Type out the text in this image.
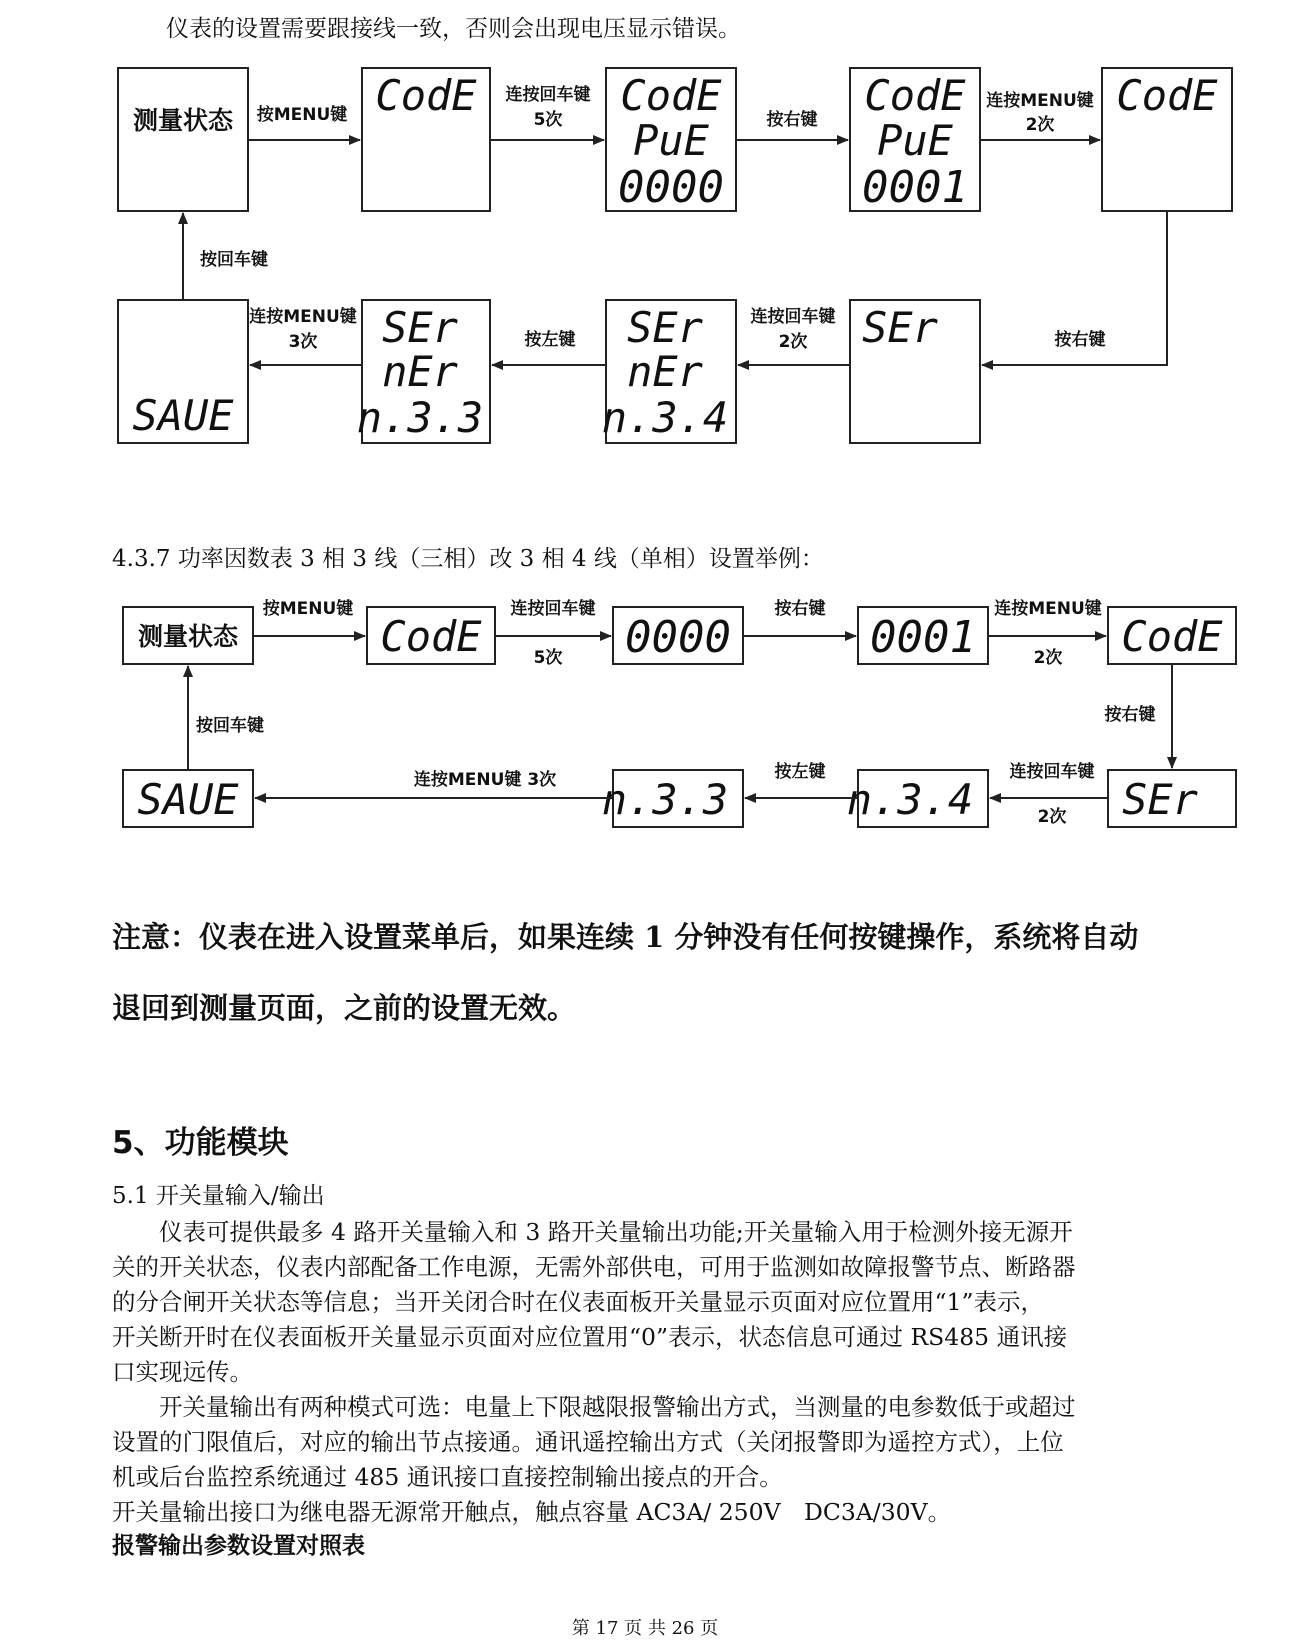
仪表的设置需要跟接线一致，否则会出现电压显示错误。
测量状态
CodE	CodE
PuE
0000
CodE
PuE
0001
CodE
按MENU键
连按回车键
5次	按右键
连按MENU键
2次
按右键
SEr
SEr
nEr
n.3.4
SEr
nEr
n.3.3
SAUE
连按回车键
2次
按左键
连按MENU键
3次
按回车键
4.3.7 功率因数表 3 相 3 线（三相）改 3 相 4 线（单相）设置举例：
测量状态	CodE	0000	0001	CodE
按MENU键	连按回车键
5次
按右键	连按MENU键
2次
按右键
SEr
n.3.4
n.3.3
SAUE
连按回车键
2次
按左键
连按MENU键 3次
按回车键
注意：仪表在进入设置菜单后，如果连续 1 分钟没有任何按键操作，系统将自动
退回到测量页面，之前的设置无效。
5、功能模块
5.1 开关量输入/输出
　　仪表可提供最多 4 路开关量输入和 3 路开关量输出功能;开关量输入用于检测外接无源开
关的开关状态，仪表内部配备工作电源，无需外部供电，可用于监测如故障报警节点、断路器
的分合闸开关状态等信息；当开关闭合时在仪表面板开关量显示页面对应位置用“1”表示，
开关断开时在仪表面板开关量显示页面对应位置用“0”表示，状态信息可通过 RS485 通讯接
口实现远传。
　　开关量输出有两种模式可选：电量上下限越限报警输出方式，当测量的电参数低于或超过
设置的门限值后，对应的输出节点接通。通讯遥控输出方式（关闭报警即为遥控方式），上位
机或后台监控系统通过 485 通讯接口直接控制输出接点的开合。
开关量输出接口为继电器无源常开触点，触点容量 AC3A/ 250V　DC3A/30V。
报警输出参数设置对照表
第 17 页 共 26 页
